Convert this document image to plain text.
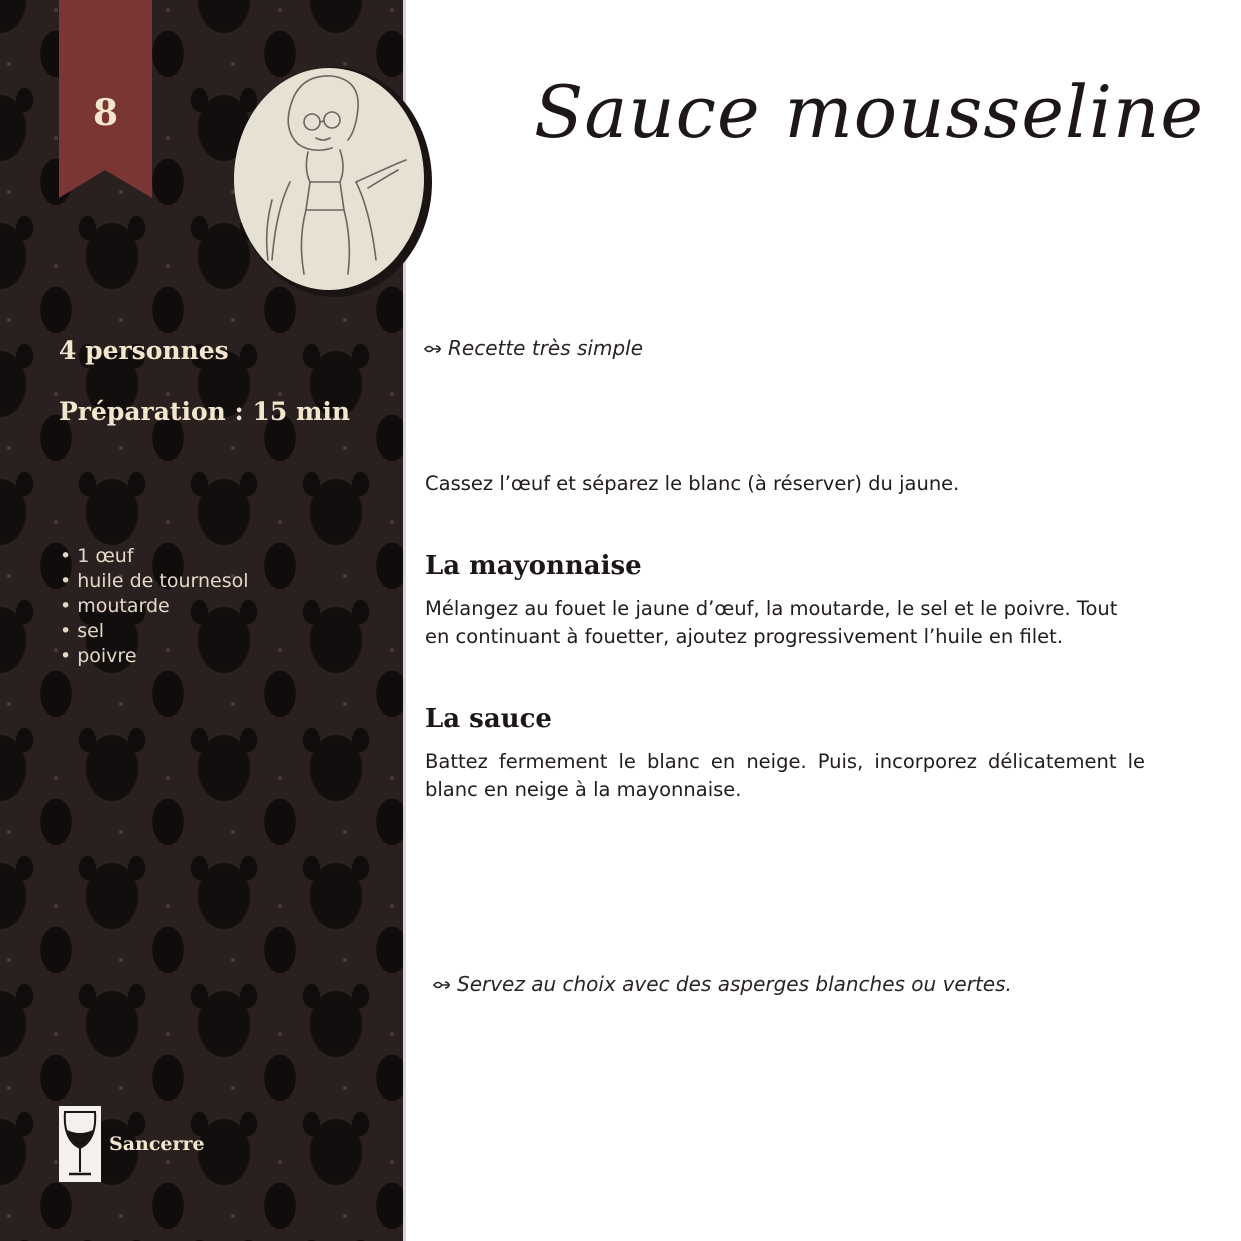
8
4 personnes
Préparation : 15 min
• 1 œuf
• huile de tournesol
• moutarde
• sel
• poivre
Sancerre
Sauce mousseline
Recette très simple

Cassez l’œuf et séparez le blanc (à réserver) du jaune.

La mayonnaise

Mélangez au fouet le jaune d’œuf, la moutarde, le sel et le poivre. Tout en continuant à fouetter, ajoutez progressivement l’huile en filet.

La sauce

Battez fermement le blanc en neige. Puis, incorporez délicatement le blanc en neige à la mayonnaise.

Servez au choix avec des asperges blanches ou vertes.
